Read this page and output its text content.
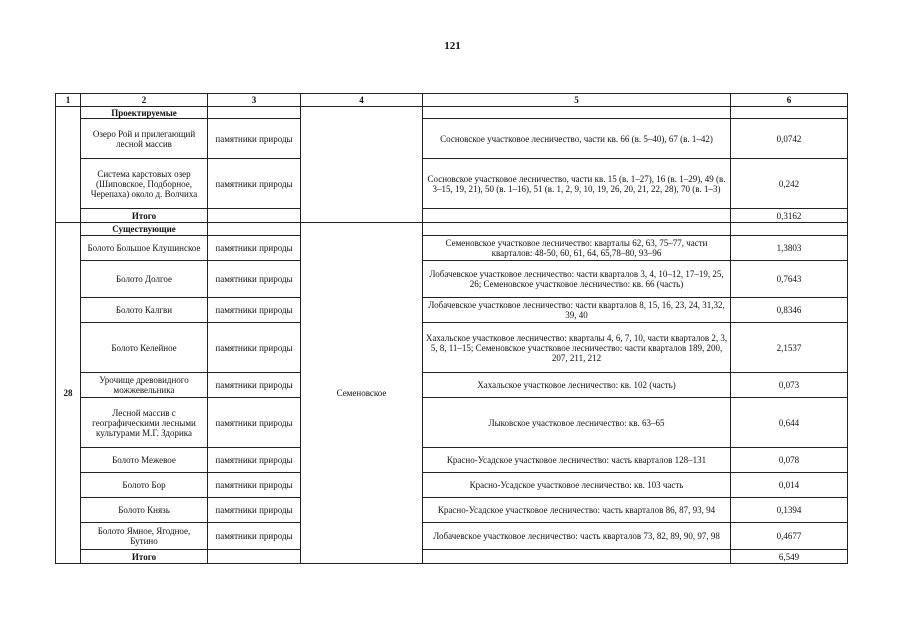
121
1	2	3	4	5	6
	Проектируемые				
	Озеро Рой и прилегающий лесной массив	памятники природы		Сосновское участковое лесничество, части кв. 66 (в. 5–40), 67 (в. 1–42)	0,0742
	Система карстовых озер (Шиповское, Подборное, Черепаха) около д. Волчиха	памятники природы		Сосновское участковое лесничество, части кв. 15 (в. 1–27), 16 (в. 1–29), 49 (в. 3–15, 19, 21), 50 (в. 1–16), 51 (в. 1, 2, 9, 10, 19, 26, 20, 21, 22, 28), 70 (в. 1–3)	0,242
	Итого				0,3162
28	Существующие		Семеновское		
	Болото Большое Клушинское	памятники природы		Семеновское участковое лесничество: кварталы 62, 63, 75–77, части кварталов: 48-50, 60, 61, 64, 65,78–80, 93–96	1,3803
	Болото Долгое	памятники природы		Лобачевское участковое лесничество: части кварталов 3, 4, 10–12, 17–19, 25, 26; Семеновское участковое лесничество: кв. 66 (часть)	0,7643
	Болото Калгви	памятники природы		Лобачевское участковое лесничество: части кварталов 8, 15, 16, 23, 24, 31,32, 39, 40	0,8346
	Болото Келейное	памятники природы		Хахальское участковое лесничество: кварталы 4, 6, 7, 10, части кварталов 2, 3, 5, 8, 11–15; Семеновское участковое лесничество: части кварталов 189, 200, 207, 211, 212	2,1537
	Урочище древовидного можжевельника	памятники природы		Хахальское участковое лесничество: кв. 102 (часть)	0,073
	Лесной массив с географическими лесными культурами М.Г. Здорика	памятники природы		Лыковское участковое лесничество: кв. 63–65	0,644
	Болото Межевое	памятники природы		Красно-Усадское участковое лесничество: часть кварталов 128–131	0,078
	Болото Бор	памятники природы		Красно-Усадское участковое лесничество: кв. 103 часть	0,014
	Болото Князь	памятники природы		Красно-Усадское участковое лесничество: часть кварталов 86, 87, 93, 94	0,1394
	Болото Ямное, Ягодное, Бутино	памятники природы		Лобачевское участковое лесничество: часть кварталов 73, 82, 89, 90, 97, 98	0,4677
	Итого				6,549
